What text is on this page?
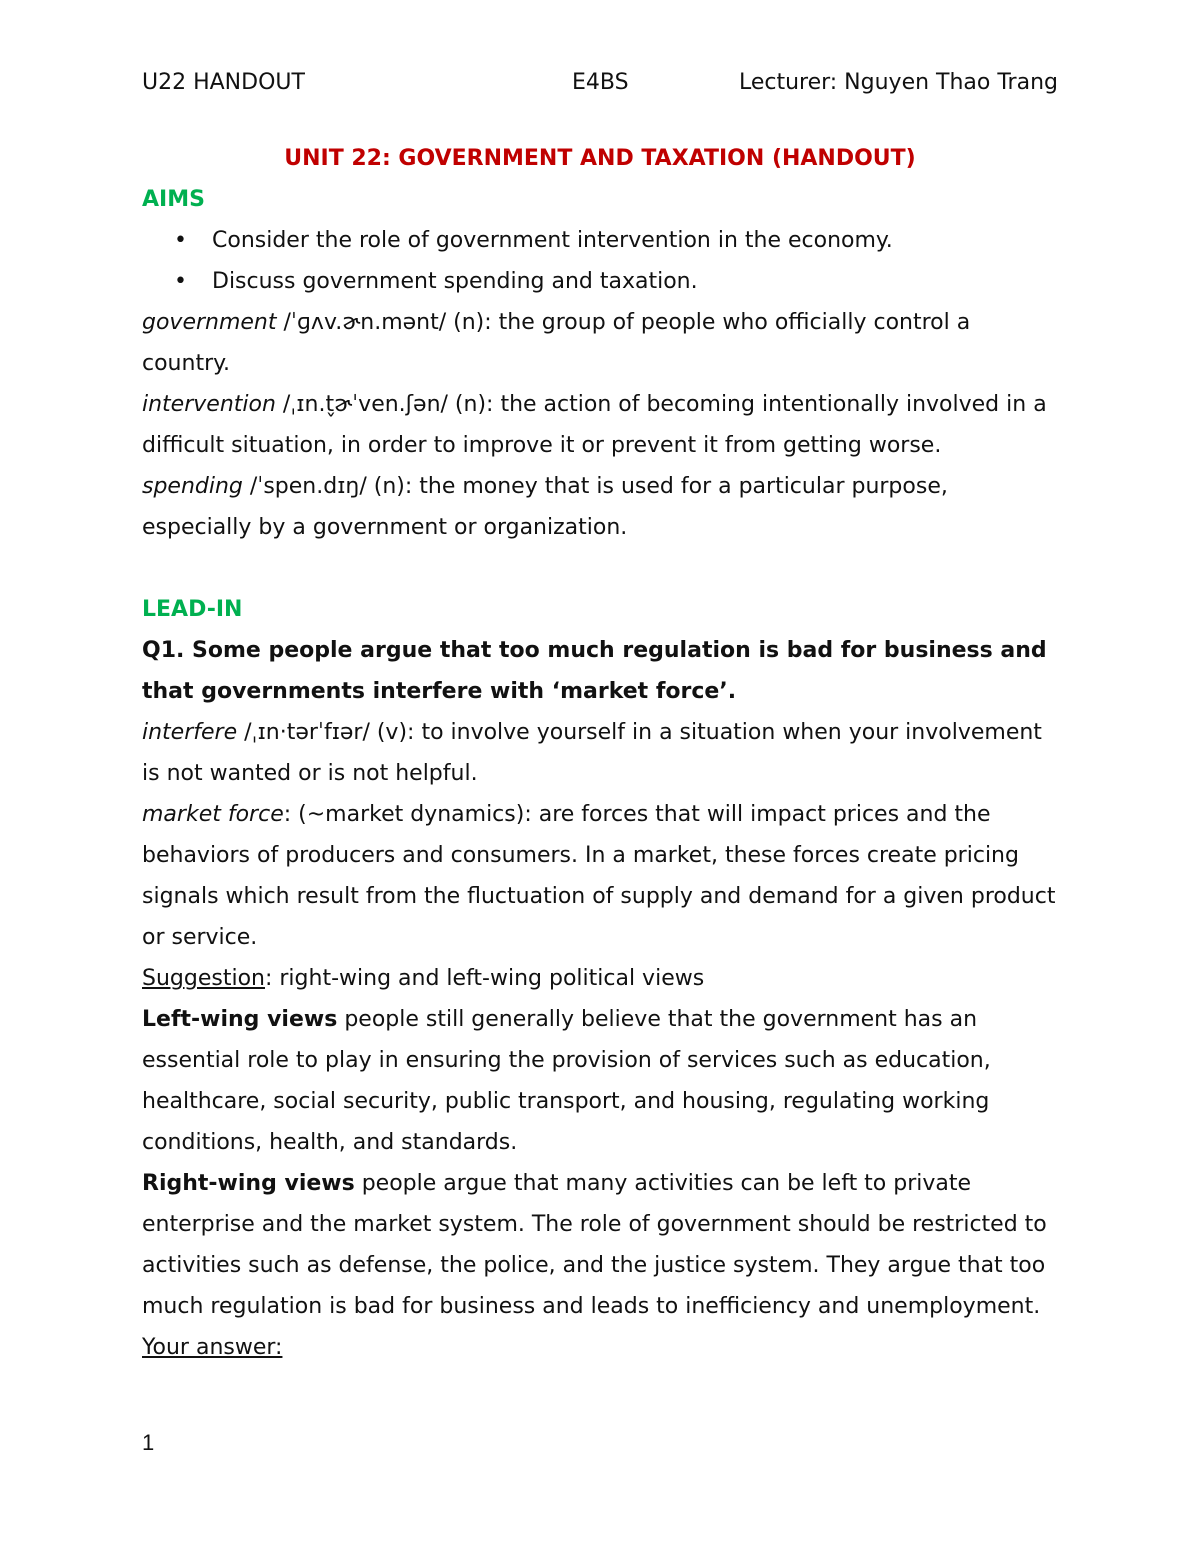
U22 HANDOUT	E4BS	Lecturer: Nguyen Thao Trang

UNIT 22: GOVERNMENT AND TAXATION (HANDOUT)

AIMS

• Consider the role of government intervention in the economy.
• Discuss government spending and taxation.

government /ˈɡʌv.ɚn.mənt/ (n): the group of people who officially control a country.

intervention /ˌɪn.t̬ɚˈven.ʃən/ (n): the action of becoming intentionally involved in a difficult situation, in order to improve it or prevent it from getting worse.

spending /ˈspen.dɪŋ/ (n): the money that is used for a particular purpose, especially by a government or organization.

LEAD-IN

Q1. Some people argue that too much regulation is bad for business and that governments interfere with ‘market force’.

interfere /ˌɪn·tərˈfɪər/ (v): to involve yourself in a situation when your involvement is not wanted or is not helpful.

market force: (~market dynamics): are forces that will impact prices and the behaviors of producers and consumers. In a market, these forces create pricing signals which result from the fluctuation of supply and demand for a given product or service.

Suggestion: right-wing and left-wing political views

Left-wing views people still generally believe that the government has an essential role to play in ensuring the provision of services such as education, healthcare, social security, public transport, and housing, regulating working conditions, health, and standards.

Right-wing views people argue that many activities can be left to private enterprise and the market system. The role of government should be restricted to activities such as defense, the police, and the justice system. They argue that too much regulation is bad for business and leads to inefficiency and unemployment.

Your answer:

1
